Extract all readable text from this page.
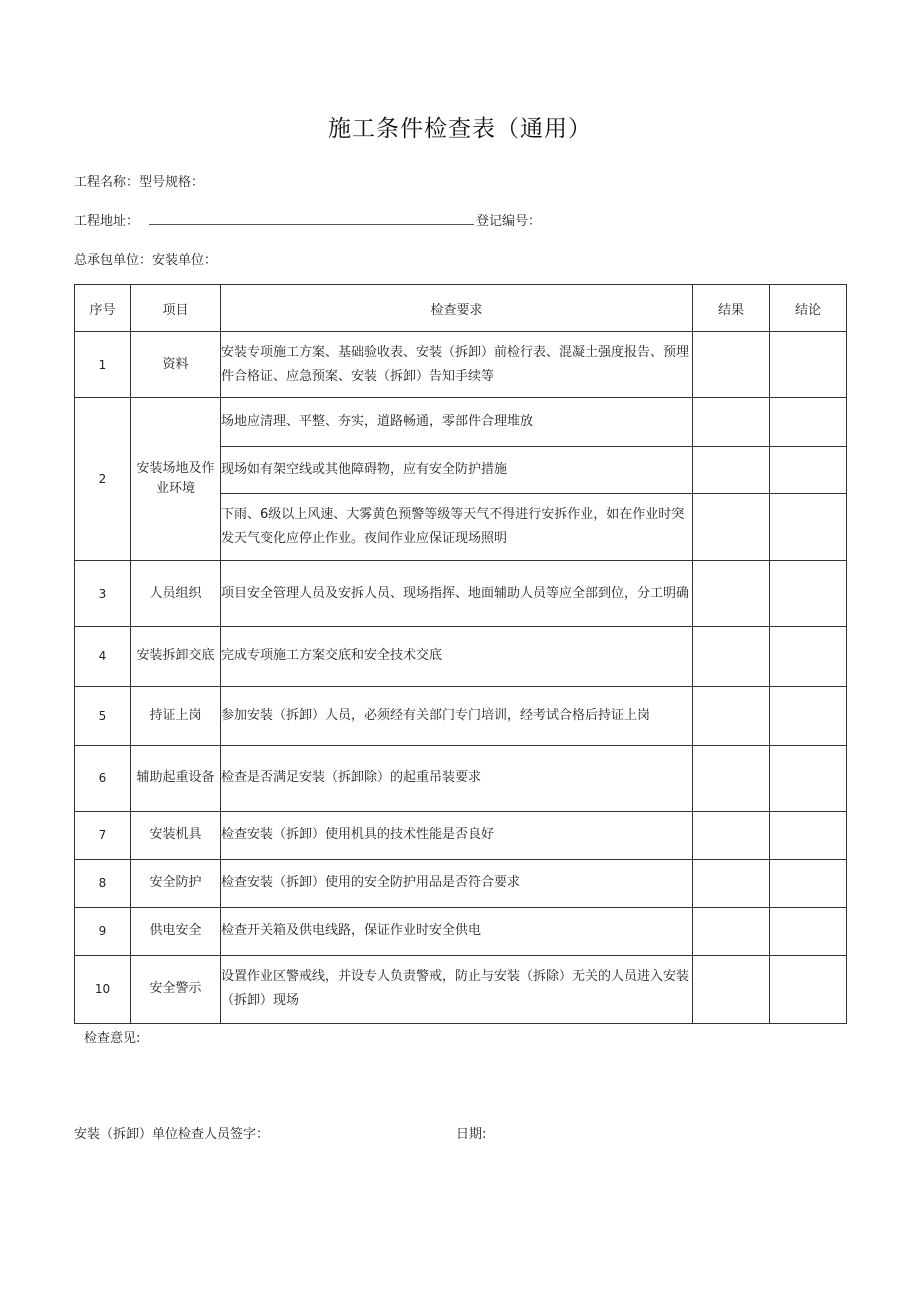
施工条件检查表（通用）
工程名称：型号规格：
工程地址：	登记编号：
总承包单位：安装单位：
序号	项目	检查要求	结果	结论
1	资料	安装专项施工方案、基础验收表、安装（拆卸）前检行表、混凝土强度报告、预埋件合格证、应急预案、安装（拆卸）告知手续等		
2	安装场地及作业环境	场地应清理、平整、夯实，道路畅通，零部件合理堆放		
		现场如有架空线或其他障碍物，应有安全防护措施		
		下雨、6级以上风速、大雾黄色预警等级等天气不得进行安拆作业，如在作业时突发天气变化应停止作业。夜间作业应保证现场照明		
3	人员组织	项目安全管理人员及安拆人员、现场指挥、地面辅助人员等应全部到位，分工明确		
4	安装拆卸交底	完成专项施工方案交底和安全技术交底		
5	持证上岗	参加安装（拆卸）人员，必须经有关部门专门培训，经考试合格后持证上岗		
6	辅助起重设备	检查是否满足安装（拆卸除）的起重吊装要求		
7	安装机具	检查安装（拆卸）使用机具的技术性能是否良好		
8	安全防护	检查安装（拆卸）使用的安全防护用品是否符合要求		
9	供电安全	检查开关箱及供电线路，保证作业时安全供电		
10	安全警示	设置作业区警戒线，并设专人负责警戒，防止与安装（拆除）无关的人员进入安装（拆卸）现场		
检查意见:
安装（拆卸）单位检查人员签字：	日期:
